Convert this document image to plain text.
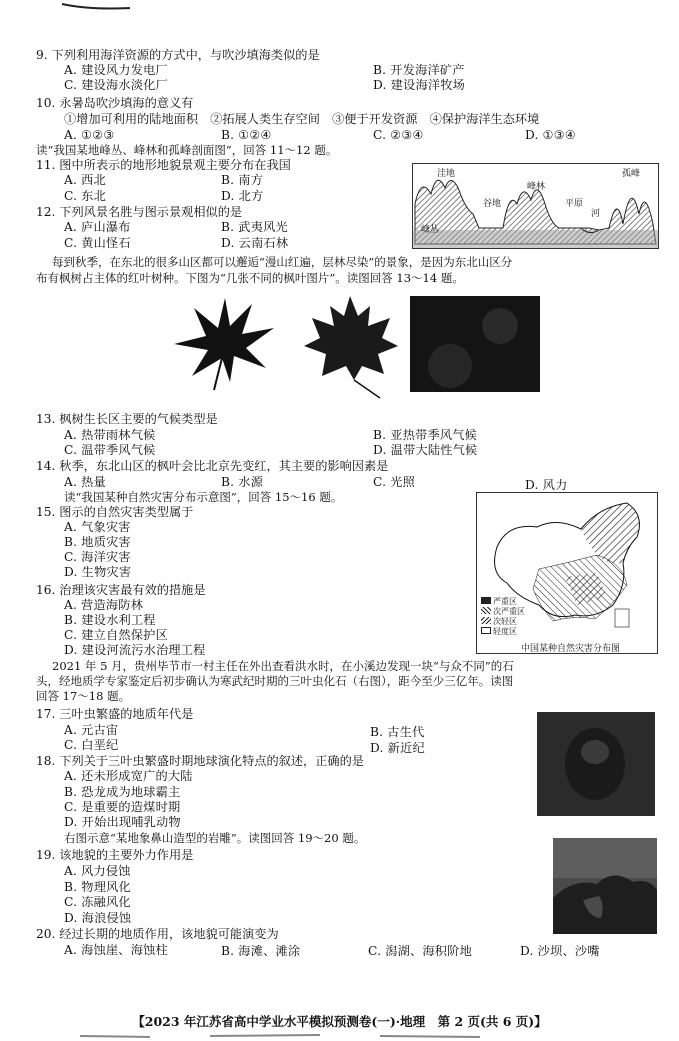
9. 下列利用海洋资源的方式中，与吹沙填海类似的是
A. 建设风力发电厂	B. 开发海洋矿产
C. 建设海水淡化厂	D. 建设海洋牧场
10. 永暑岛吹沙填海的意义有
①增加可利用的陆地面积　②拓展人类生存空间　③便于开发资源　④保护海洋生态环境
A. ①②③	B. ①②④	C. ②③④	D. ①③④
读“我国某地峰丛、峰林和孤峰剖面图”，回答 11～12 题。
11. 图中所表示的地形地貌景观主要分布在我国
A. 西北	B. 南方
C. 东北	D. 北方
12. 下列风景名胜与图示景观相似的是
A. 庐山瀑布	B. 武夷风光
C. 黄山怪石	D. 云南石林
洼地
峰林
孤峰
谷地	平原
河
峰丛
每到秋季，在东北的很多山区都可以邂逅“漫山红遍，层林尽染”的景象，是因为东北山区分
布有枫树占主体的红叶树种。下图为“几张不同的枫叶图片”。读图回答 13～14 题。
13. 枫树生长区主要的气候类型是
A. 热带雨林气候	B. 亚热带季风气候
C. 温带季风气候	D. 温带大陆性气候
14. 秋季，东北山区的枫叶会比北京先变红，其主要的影响因素是
A. 热量	B. 水源	C. 光照	D. 风力
读“我国某种自然灾害分布示意图”，回答 15～16 题。
15. 图示的自然灾害类型属于
A. 气象灾害
B. 地质灾害
C. 海洋灾害
D. 生物灾害
16. 治理该灾害最有效的措施是
A. 营造海防林
B. 建设水利工程
C. 建立自然保护区
D. 建设河流污水治理工程
严重区
次严重区
次轻区
轻度区
中国某种自然灾害分布图
2021 年 5 月，贵州毕节市一村主任在外出查看洪水时，在小溪边发现一块“与众不同”的石
头，经地质学专家鉴定后初步确认为寒武纪时期的三叶虫化石（右图），距今至少三亿年。读图
回答 17～18 题。
17. 三叶虫繁盛的地质年代是
A. 元古宙	B. 古生代
C. 白垩纪	D. 新近纪
18. 下列关于三叶虫繁盛时期地球演化特点的叙述，正确的是
A. 还未形成宽广的大陆
B. 恐龙成为地球霸主
C. 是重要的造煤时期
D. 开始出现哺乳动物
右图示意“某地象鼻山造型的岩雕”。读图回答 19～20 题。
19. 该地貌的主要外力作用是
A. 风力侵蚀
B. 物理风化
C. 冻融风化
D. 海浪侵蚀
20. 经过长期的地质作用，该地貌可能演变为
A. 海蚀崖、海蚀柱	B. 海滩、滩涂	C. 潟湖、海积阶地	D. 沙坝、沙嘴
【2023 年江苏省高中学业水平模拟预测卷(一)·地理　第 2 页(共 6 页)】
